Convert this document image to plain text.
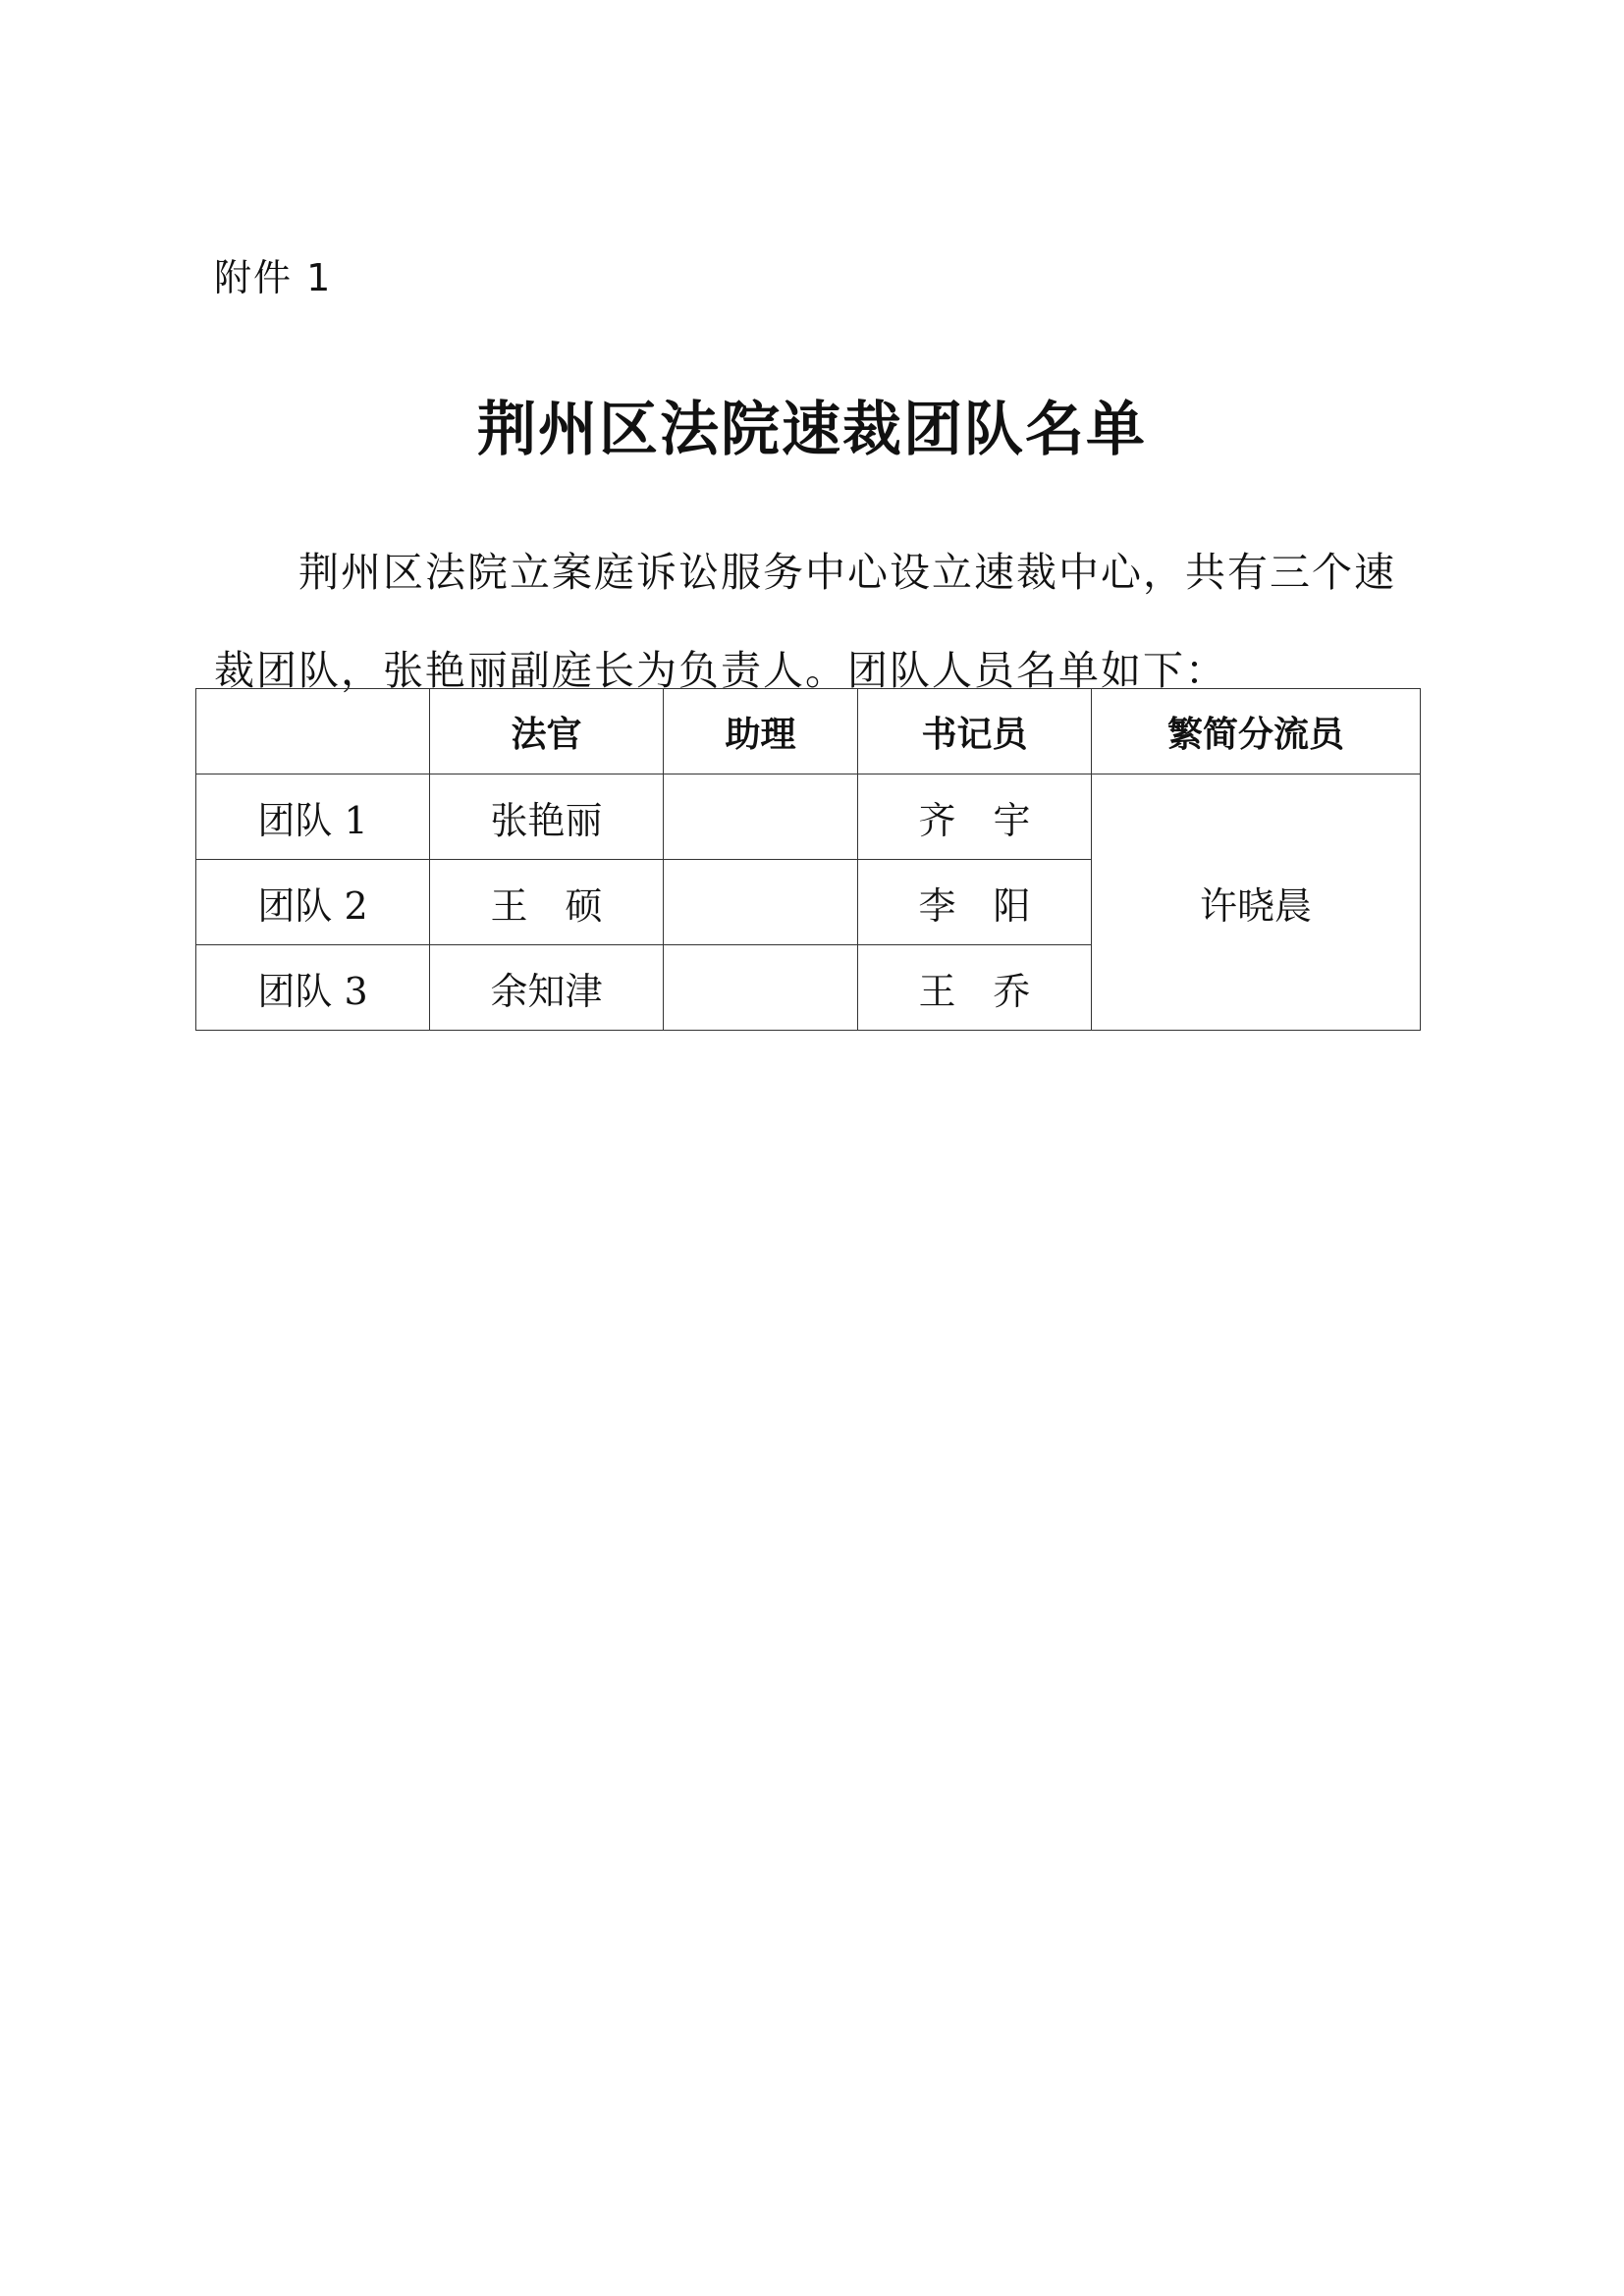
附件 1
荆州区法院速裁团队名单

荆州区法院立案庭诉讼服务中心设立速裁中心，共有三个速裁团队，张艳丽副庭长为负责人。团队人员名单如下：

	法官	助理	书记员	繁简分流员
团队 1	张艳丽		齐　宇	许晓晨
团队 2	王　硕		李　阳	
团队 3	余知津		王　乔	
